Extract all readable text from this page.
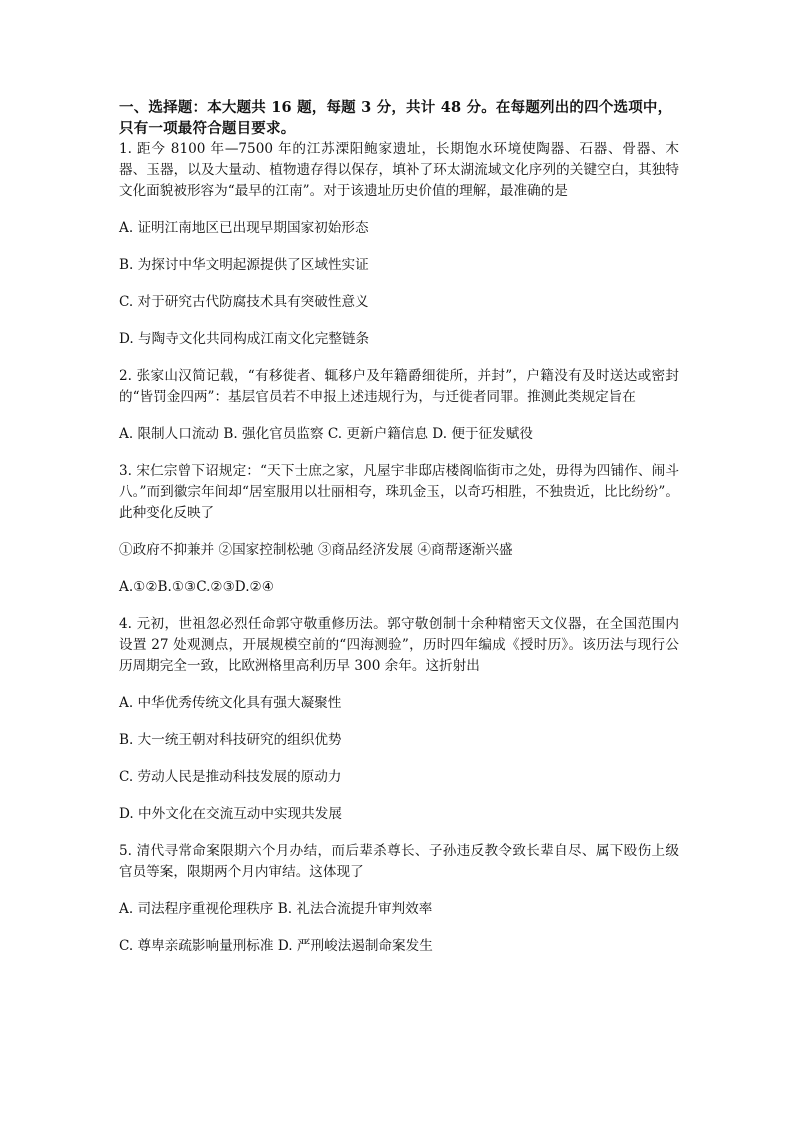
一、选择题：本大题共 16 题，每题 3 分，共计 48 分。在每题列出的四个选项中，只有一项最符合题目要求。

1. 距今 8100 年—7500 年的江苏溧阳鲍家遗址，长期饱水环境使陶器、石器、骨器、木器、玉器，以及大量动、植物遗存得以保存，填补了环太湖流域文化序列的关键空白，其独特文化面貌被形容为“最早的江南”。对于该遗址历史价值的理解，最准确的是

A. 证明江南地区已出现早期国家初始形态

B. 为探讨中华文明起源提供了区域性实证

C. 对于研究古代防腐技术具有突破性意义

D. 与陶寺文化共同构成江南文化完整链条

2. 张家山汉简记载，“有移徙者、辄移户及年籍爵细徙所，并封”，户籍没有及时送达或密封的“皆罚金四两”：基层官员若不申报上述违规行为，与迁徙者同罪。推测此类规定旨在

A. 限制人口流动 B. 强化官员监察 C. 更新户籍信息 D. 便于征发赋役

3. 宋仁宗曾下诏规定：“天下士庶之家，凡屋宇非邸店楼阁临街市之处，毋得为四铺作、闹斗八。”而到徽宗年间却“居室服用以壮丽相夸，珠玑金玉，以奇巧相胜，不独贵近，比比纷纷”。此种变化反映了

①政府不抑兼并 ②国家控制松驰 ③商品经济发展 ④商帮逐渐兴盛

A.①②B.①③C.②③D.②④

4. 元初，世祖忽必烈任命郭守敬重修历法。郭守敬创制十余种精密天文仪器，在全国范围内设置 27 处观测点，开展规模空前的“四海测验”，历时四年编成《授时历》。该历法与现行公历周期完全一致，比欧洲格里高利历早 300 余年。这折射出

A. 中华优秀传统文化具有强大凝聚性

B. 大一统王朝对科技研究的组织优势

C. 劳动人民是推动科技发展的原动力

D. 中外文化在交流互动中实现共发展

5. 清代寻常命案限期六个月办结，而后辈杀尊长、子孙违反教令致长辈自尽、属下殴伤上级官员等案，限期两个月内审结。这体现了

A. 司法程序重视伦理秩序 B. 礼法合流提升审判效率

C. 尊卑亲疏影响量刑标准 D. 严刑峻法遏制命案发生
